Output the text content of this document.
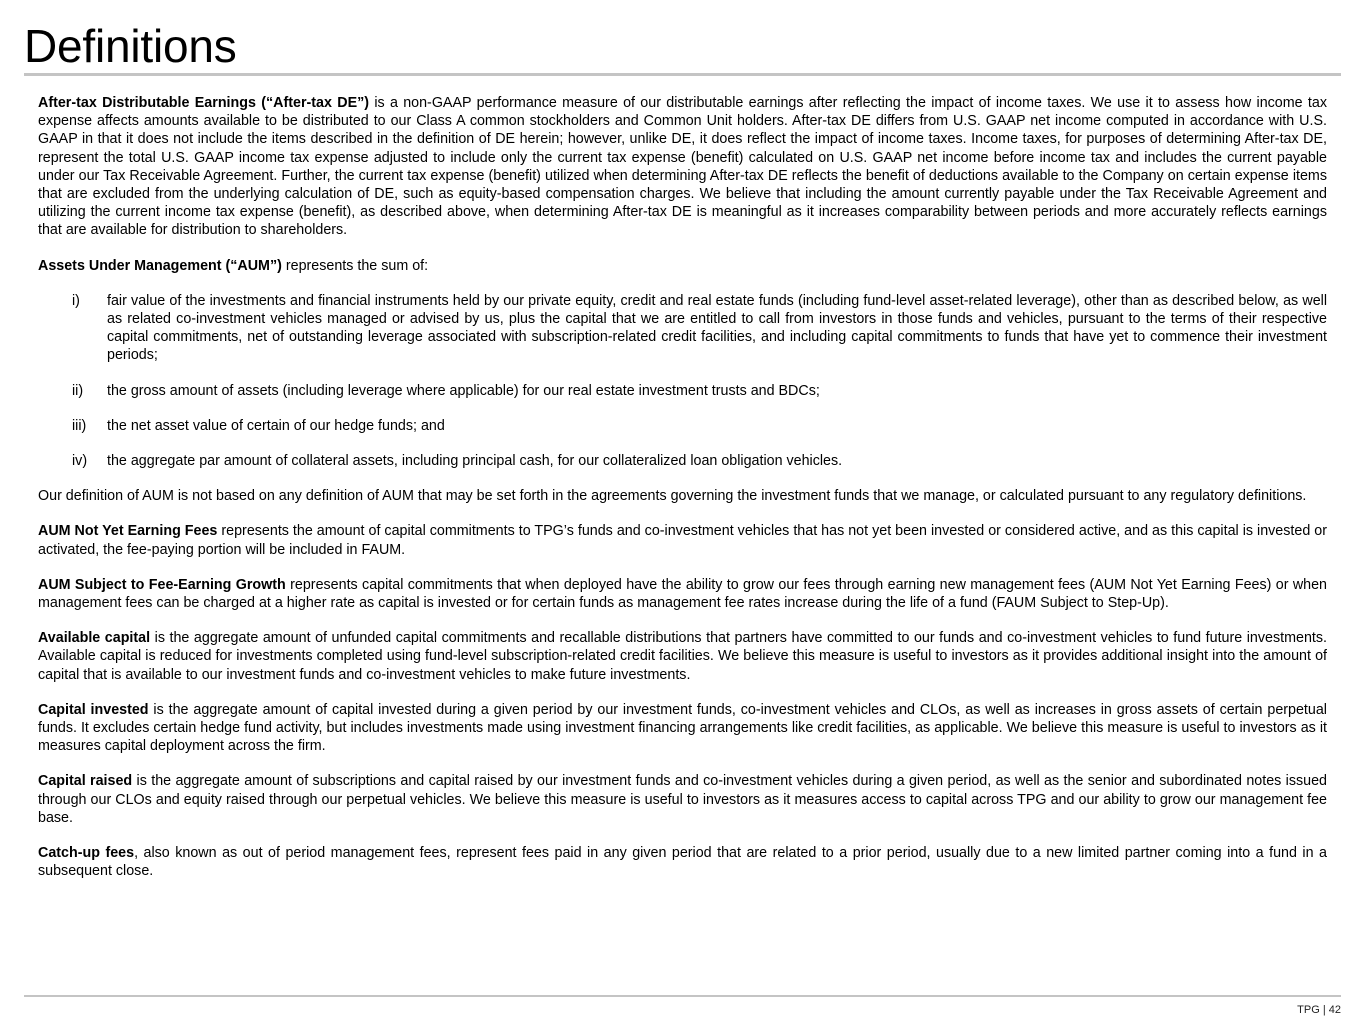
Definitions

After-tax Distributable Earnings (“After-tax DE”) is a non-GAAP performance measure of our distributable earnings after reflecting the impact of income taxes. We use it to assess how income tax expense affects amounts available to be distributed to our Class A common stockholders and Common Unit holders. After-tax DE differs from U.S. GAAP net income computed in accordance with U.S. GAAP in that it does not include the items described in the definition of DE herein; however, unlike DE, it does reflect the impact of income taxes. Income taxes, for purposes of determining After-tax DE, represent the total U.S. GAAP income tax expense adjusted to include only the current tax expense (benefit) calculated on U.S. GAAP net income before income tax and includes the current payable under our Tax Receivable Agreement. Further, the current tax expense (benefit) utilized when determining After-tax DE reflects the benefit of deductions available to the Company on certain expense items that are excluded from the underlying calculation of DE, such as equity-based compensation charges. We believe that including the amount currently payable under the Tax Receivable Agreement and utilizing the current income tax expense (benefit), as described above, when determining After-tax DE is meaningful as it increases comparability between periods and more accurately reflects earnings that are available for distribution to shareholders.

Assets Under Management (“AUM”) represents the sum of:

i) fair value of the investments and financial instruments held by our private equity, credit and real estate funds (including fund-level asset-related leverage), other than as described below, as well as related co-investment vehicles managed or advised by us, plus the capital that we are entitled to call from investors in those funds and vehicles, pursuant to the terms of their respective capital commitments, net of outstanding leverage associated with subscription-related credit facilities, and including capital commitments to funds that have yet to commence their investment periods;
ii) the gross amount of assets (including leverage where applicable) for our real estate investment trusts and BDCs;
iii) the net asset value of certain of our hedge funds; and
iv) the aggregate par amount of collateral assets, including principal cash, for our collateralized loan obligation vehicles.

Our definition of AUM is not based on any definition of AUM that may be set forth in the agreements governing the investment funds that we manage, or calculated pursuant to any regulatory definitions.

AUM Not Yet Earning Fees represents the amount of capital commitments to TPG’s funds and co-investment vehicles that has not yet been invested or considered active, and as this capital is invested or activated, the fee-paying portion will be included in FAUM.

AUM Subject to Fee-Earning Growth represents capital commitments that when deployed have the ability to grow our fees through earning new management fees (AUM Not Yet Earning Fees) or when management fees can be charged at a higher rate as capital is invested or for certain funds as management fee rates increase during the life of a fund (FAUM Subject to Step-Up).

Available capital is the aggregate amount of unfunded capital commitments and recallable distributions that partners have committed to our funds and co-investment vehicles to fund future investments. Available capital is reduced for investments completed using fund-level subscription-related credit facilities. We believe this measure is useful to investors as it provides additional insight into the amount of capital that is available to our investment funds and co-investment vehicles to make future investments.

Capital invested is the aggregate amount of capital invested during a given period by our investment funds, co-investment vehicles and CLOs, as well as increases in gross assets of certain perpetual funds. It excludes certain hedge fund activity, but includes investments made using investment financing arrangements like credit facilities, as applicable. We believe this measure is useful to investors as it measures capital deployment across the firm.

Capital raised is the aggregate amount of subscriptions and capital raised by our investment funds and co-investment vehicles during a given period, as well as the senior and subordinated notes issued through our CLOs and equity raised through our perpetual vehicles. We believe this measure is useful to investors as it measures access to capital across TPG and our ability to grow our management fee base.

Catch-up fees, also known as out of period management fees, represent fees paid in any given period that are related to a prior period, usually due to a new limited partner coming into a fund in a subsequent close.

TPG | 42
